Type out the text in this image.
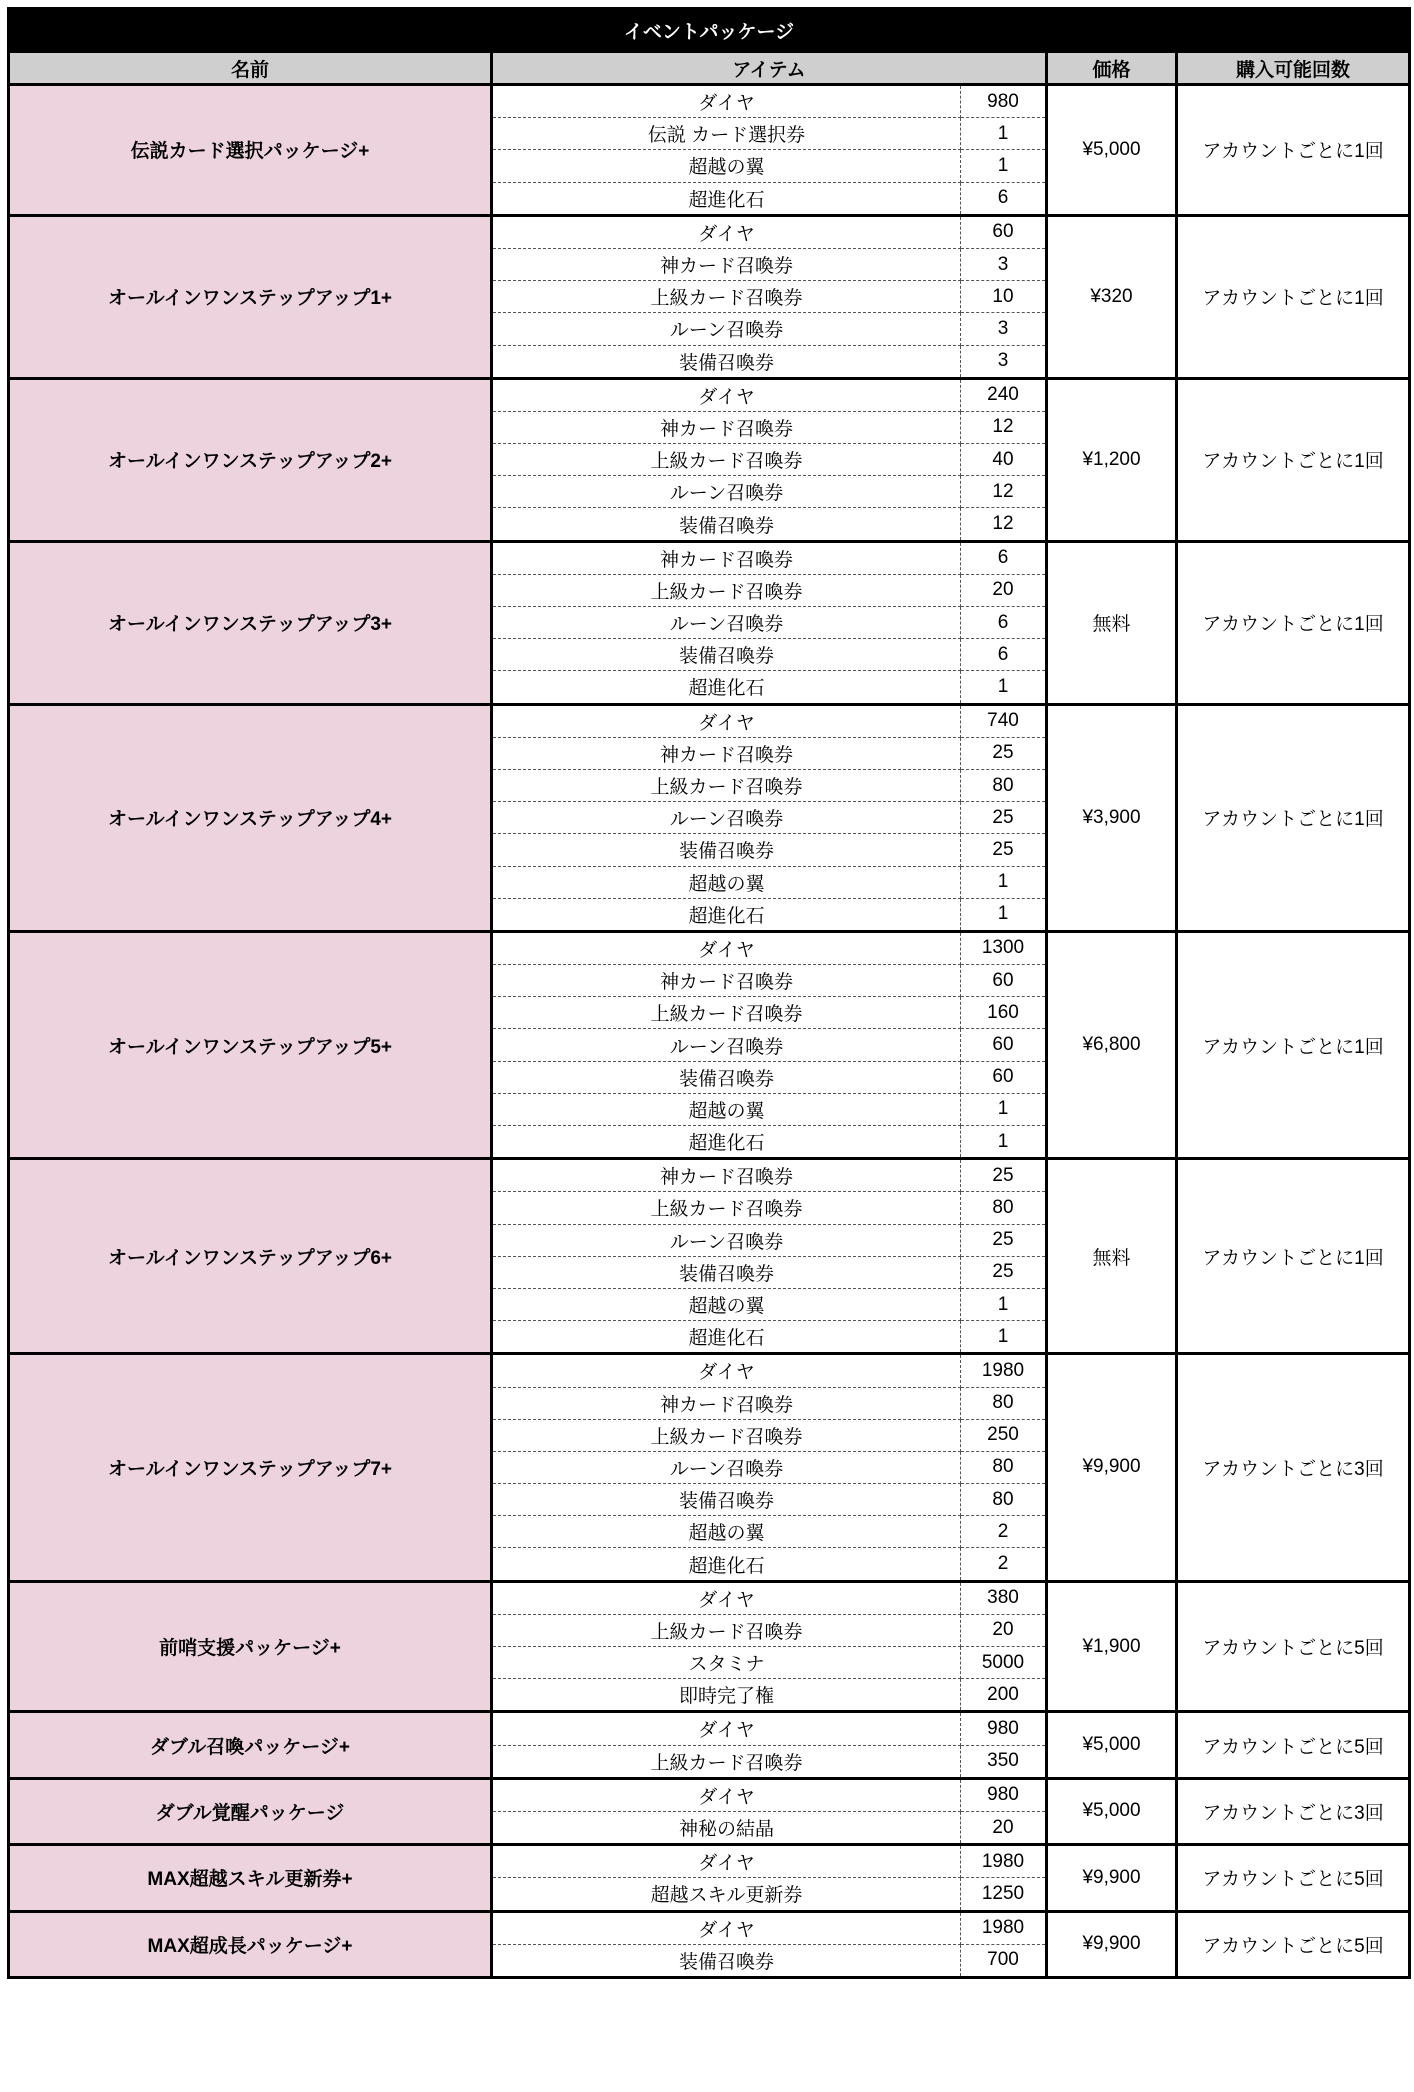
イベントパッケージ				
名前	アイテム		価格	購入可能回数
伝説カード選択パッケージ+	ダイヤ	980	¥5,000	アカウントごとに1回
	伝説 カード選択券	1		
	超越の翼	1		
	超進化石	6		
オールインワンステップアップ1+	ダイヤ	60	¥320	アカウントごとに1回
	神カード召喚券	3		
	上級カード召喚券	10		
	ルーン召喚券	3		
	装備召喚券	3		
オールインワンステップアップ2+	ダイヤ	240	¥1,200	アカウントごとに1回
	神カード召喚券	12		
	上級カード召喚券	40		
	ルーン召喚券	12		
	装備召喚券	12		
オールインワンステップアップ3+	神カード召喚券	6	無料	アカウントごとに1回
	上級カード召喚券	20		
	ルーン召喚券	6		
	装備召喚券	6		
	超進化石	1		
オールインワンステップアップ4+	ダイヤ	740	¥3,900	アカウントごとに1回
	神カード召喚券	25		
	上級カード召喚券	80		
	ルーン召喚券	25		
	装備召喚券	25		
	超越の翼	1		
	超進化石	1		
オールインワンステップアップ5+	ダイヤ	1300	¥6,800	アカウントごとに1回
	神カード召喚券	60		
	上級カード召喚券	160		
	ルーン召喚券	60		
	装備召喚券	60		
	超越の翼	1		
	超進化石	1		
オールインワンステップアップ6+	神カード召喚券	25	無料	アカウントごとに1回
	上級カード召喚券	80		
	ルーン召喚券	25		
	装備召喚券	25		
	超越の翼	1		
	超進化石	1		
オールインワンステップアップ7+	ダイヤ	1980	¥9,900	アカウントごとに3回
	神カード召喚券	80		
	上級カード召喚券	250		
	ルーン召喚券	80		
	装備召喚券	80		
	超越の翼	2		
	超進化石	2		
前哨支援パッケージ+	ダイヤ	380	¥1,900	アカウントごとに5回
	上級カード召喚券	20		
	スタミナ	5000		
	即時完了権	200		
ダブル召喚パッケージ+	ダイヤ	980	¥5,000	アカウントごとに5回
	上級カード召喚券	350		
ダブル覚醒パッケージ	ダイヤ	980	¥5,000	アカウントごとに3回
	神秘の結晶	20		
MAX超越スキル更新券+	ダイヤ	1980	¥9,900	アカウントごとに5回
	超越スキル更新券	1250		
MAX超成長パッケージ+	ダイヤ	1980	¥9,900	アカウントごとに5回
	装備召喚券	700		
